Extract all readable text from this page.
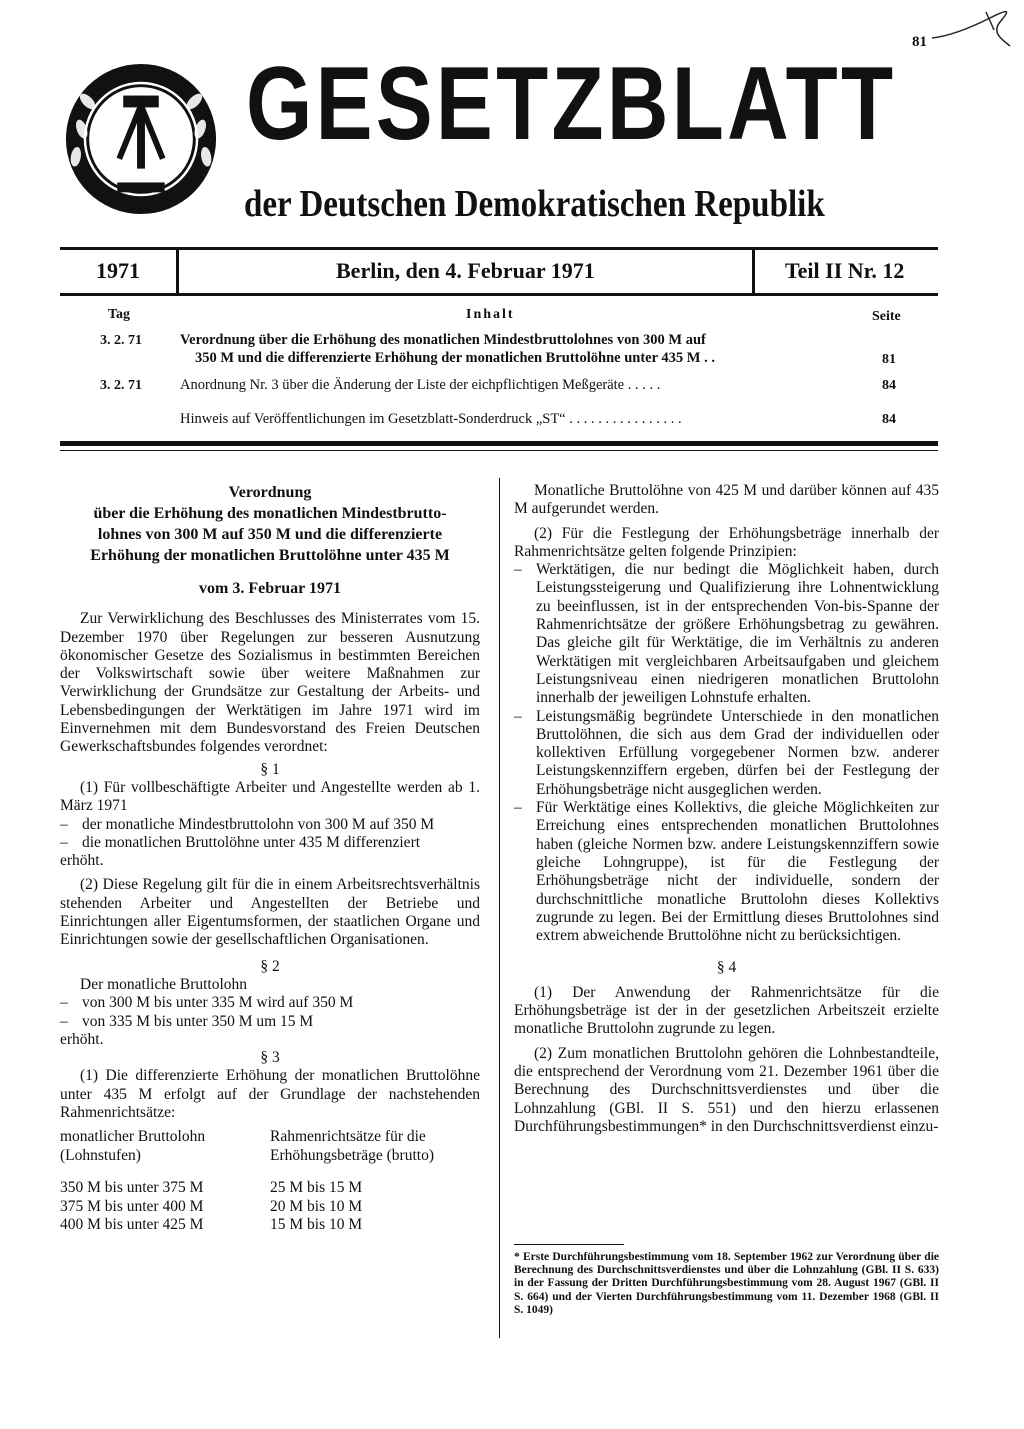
81
GESETZBLATT
der Deutschen Demokratischen Republik
1971	Berlin, den 4. Februar 1971	Teil II Nr. 12
Tag	Inhalt	Seite
3. 2. 71	Verordnung über die Erhöhung des monatlichen Mindestbruttolohnes von 300 M auf
350 M und die differenzierte Erhöhung der monatlichen Bruttolöhne unter 435 M . .	81
3. 2. 71	Anordnung Nr. 3 über die Änderung der Liste der eichpflichtigen Meßgeräte . . . . .	84
Hinweis auf Veröffentlichungen im Gesetzblatt-Sonderdruck „ST“ . . . . . . . . . . . . . . . .	84

Verordnung

über die Erhöhung des monatlichen Mindestbrutto-

lohnes von 300 M auf 350 M und die differenzierte

Erhöhung der monatlichen Bruttolöhne unter 435 M

vom 3. Februar 1971

Zur Verwirklichung des Beschlusses des Ministerrates vom 15. Dezember 1970 über Regelungen zur besseren Ausnutzung ökonomischer Gesetze des Sozialismus in bestimmten Bereichen der Volkswirtschaft sowie über weitere Maßnahmen zur Verwirklichung der Grundsätze zur Gestaltung der Arbeits- und Lebensbedingungen der Werktätigen im Jahre 1971 wird im Einvernehmen mit dem Bundesvorstand des Freien Deutschen Gewerkschaftsbundes folgendes verordnet:

§ 1

(1) Für vollbeschäftigte Arbeiter und Angestellte werden ab 1. März 1971

– der monatliche Mindestbruttolohn von 300 M auf 350 M
– die monatlichen Bruttolöhne unter 435 M differenziert

erhöht.

(2) Diese Regelung gilt für die in einem Arbeitsrechtsverhältnis stehenden Arbeiter und Angestellten der Betriebe und Einrichtungen aller Eigentumsformen, der staatlichen Organe und Einrichtungen sowie der gesellschaftlichen Organisationen.

§ 2

Der monatliche Bruttolohn

– von 300 M bis unter 335 M wird auf 350 M
– von 335 M bis unter 350 M um 15 M

erhöht.

§ 3

(1) Die differenzierte Erhöhung der monatlichen Bruttolöhne unter 435 M erfolgt auf der Grundlage der nachstehenden Rahmenrichtsätze:

monatlicher Bruttolohn
(Lohnstufen)	Rahmenrichtsätze für die
Erhöhungsbeträge (brutto)

350 M bis unter 375 M	25 M bis 15 M
375 M bis unter 400 M	20 M bis 10 M
400 M bis unter 425 M	15 M bis 10 M

Monatliche Bruttolöhne von 425 M und darüber können auf 435 M aufgerundet werden.

(2) Für die Festlegung der Erhöhungsbeträge innerhalb der Rahmenrichtsätze gelten folgende Prinzipien:

– Werktätigen, die nur bedingt die Möglichkeit haben, durch Leistungssteigerung und Qualifizierung ihre Lohnentwicklung zu beeinflussen, ist in der entsprechenden Von-bis-Spanne der Rahmenrichtsätze der größere Erhöhungsbetrag zu gewähren. Das gleiche gilt für Werktätige, die im Verhältnis zu anderen Werktätigen mit vergleichbaren Arbeitsaufgaben und gleichem Leistungsniveau einen niedrigeren monatlichen Bruttolohn innerhalb der jeweiligen Lohnstufe erhalten.
– Leistungsmäßig begründete Unterschiede in den monatlichen Bruttolöhnen, die sich aus dem Grad der individuellen oder kollektiven Erfüllung vorgegebener Normen bzw. anderer Leistungskennziffern ergeben, dürfen bei der Festlegung der Erhöhungsbeträge nicht ausgeglichen werden.
– Für Werktätige eines Kollektivs, die gleiche Möglichkeiten zur Erreichung eines entsprechenden monatlichen Bruttolohnes haben (gleiche Normen bzw. andere Leistungskennziffern sowie gleiche Lohngruppe), ist für die Festlegung der Erhöhungsbeträge nicht der individuelle, sondern der durchschnittliche monatliche Bruttolohn dieses Kollektivs zugrunde zu legen. Bei der Ermittlung dieses Bruttolohnes sind extrem abweichende Bruttolöhne nicht zu berücksichtigen.

§ 4

(1) Der Anwendung der Rahmenrichtsätze für die Erhöhungsbeträge ist der in der gesetzlichen Arbeitszeit erzielte monatliche Bruttolohn zugrunde zu legen.

(2) Zum monatlichen Bruttolohn gehören die Lohnbestandteile, die entsprechend der Verordnung vom 21. Dezember 1961 über die Berechnung des Durchschnittsverdienstes und über die Lohnzahlung (GBl. II S. 551) und den hierzu erlassenen Durchführungsbestimmungen* in den Durchschnittsverdienst einzu-

* Erste Durchführungsbestimmung vom 18. September 1962 zur Verordnung über die Berechnung des Durchschnittsverdienstes und über die Lohnzahlung (GBl. II S. 633) in der Fassung der Dritten Durchführungsbestimmung vom 28. August 1967 (GBl. II S. 664) und der Vierten Durchführungsbestimmung vom 11. Dezember 1968 (GBl. II S. 1049)
